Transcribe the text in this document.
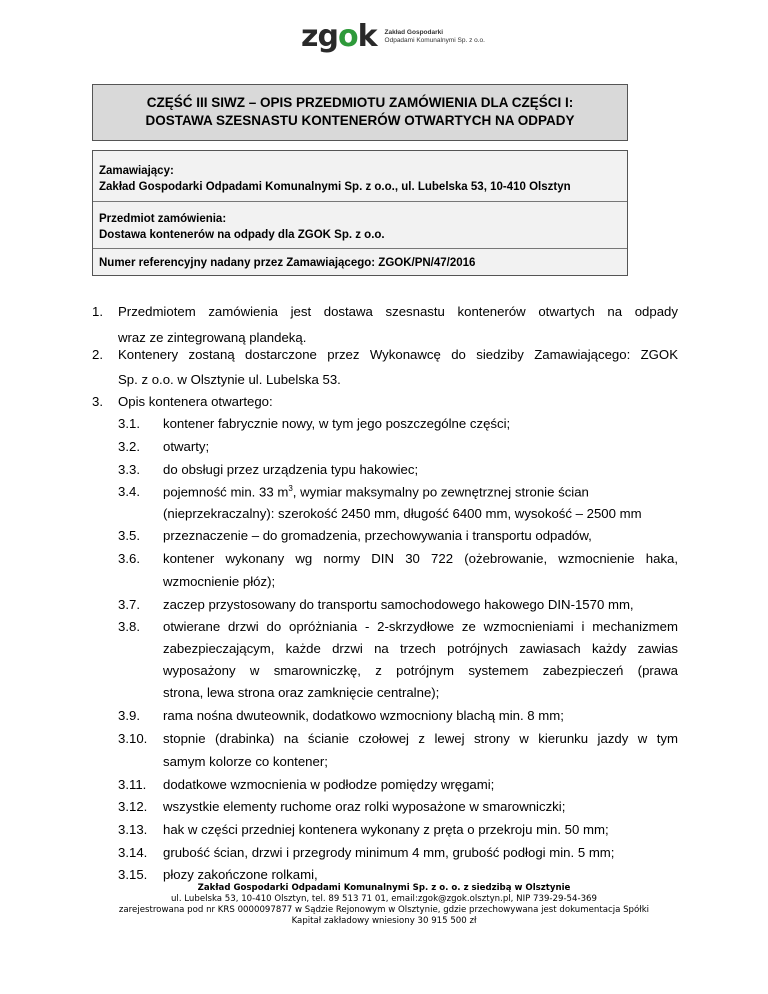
zgok Zakład Gospodarki
Odpadami Komunalnymi Sp. z o.o.
CZĘŚĆ III SIWZ – OPIS PRZEDMIOTU ZAMÓWIENIA DLA CZĘŚCI I:
DOSTAWA SZESNASTU KONTENERÓW OTWARTYCH NA ODPADY
Zamawiający:
Zakład Gospodarki Odpadami Komunalnymi Sp. z o.o., ul. Lubelska 53, 10-410 Olsztyn
Przedmiot zamówienia:
Dostawa kontenerów na odpady dla ZGOK Sp. z o.o.
Numer referencyjny nadany przez Zamawiającego: ZGOK/PN/47/2016
1. Przedmiotem zamówienia jest dostawa szesnastu kontenerów otwartych na odpady
wraz ze zintegrowaną plandeką.
2. Kontenery zostaną dostarczone przez Wykonawcę do siedziby Zamawiającego: ZGOK
Sp. z o.o. w Olsztynie ul. Lubelska 53.
3. Opis kontenera otwartego:
3.1. kontener fabrycznie nowy, w tym jego poszczególne części;
3.2. otwarty;
3.3. do obsługi przez urządzenia typu hakowiec;
3.4. pojemność min. 33 $m^3$, wymiar maksymalny po zewnętrznej stronie ścian
(nieprzekraczalny): szerokość 2450 mm, długość 6400 mm, wysokość – 2500 mm
3.5. przeznaczenie – do gromadzenia, przechowywania i transportu odpadów,
3.6. kontener wykonany wg normy DIN 30 722 (ożebrowanie, wzmocnienie haka,
wzmocnienie płóz);
3.7. zaczep przystosowany do transportu samochodowego hakowego DIN-1570 mm,
3.8. otwierane drzwi do opróżniania - 2-skrzydłowe ze wzmocnieniami i mechanizmem
zabezpieczającym, każde drzwi na trzech potrójnych zawiasach każdy zawias
wyposażony w smarowniczkę, z potrójnym systemem zabezpieczeń (prawa
strona, lewa strona oraz zamknięcie centralne);
3.9. rama nośna dwuteownik, dodatkowo wzmocniony blachą min. 8 mm;
3.10. stopnie (drabinka) na ścianie czołowej z lewej strony w kierunku jazdy w tym
samym kolorze co kontener;
3.11. dodatkowe wzmocnienia w podłodze pomiędzy wręgami;
3.12. wszystkie elementy ruchome oraz rolki wyposażone w smarowniczki;
3.13. hak w części przedniej kontenera wykonany z pręta o przekroju min. 50 mm;
3.14. grubość ścian, drzwi i przegrody minimum 4 mm, grubość podłogi min. 5 mm;
3.15. płozy zakończone rolkami,
Zakład Gospodarki Odpadami Komunalnymi Sp. z o. o. z siedzibą w Olsztynie
ul. Lubelska 53, 10-410 Olsztyn, tel. 89 513 71 01, email:zgok@zgok.olsztyn.pl, NIP 739-29-54-369
zarejestrowana pod nr KRS 0000097877 w Sądzie Rejonowym w Olsztynie, gdzie przechowywana jest dokumentacja Spółki
Kapitał zakładowy wniesiony 30 915 500 zł
